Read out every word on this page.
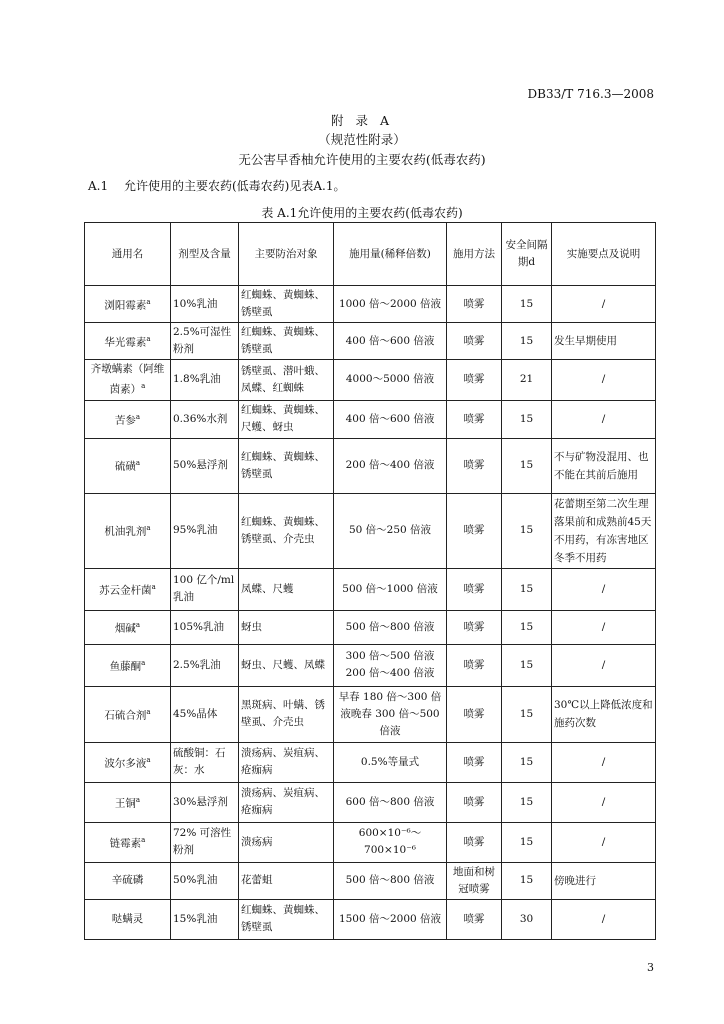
DB33/T 716.3—2008
附 录 A
（规范性附录）
无公害早香柚允许使用的主要农药(低毒农药)
A.1 允许使用的主要农药(低毒农药)见表A.1。
表 A.1允许使用的主要农药(低毒农药)
通用名	剂型及含量	主要防治对象	施用量(稀释倍数)	施用方法	安全间隔期d	实施要点及说明
浏阳霉素$^a$	10%乳油	红蜘蛛、黄蜘蛛、锈壁虱	1000 倍～2000 倍液	喷雾	15	/
华光霉素$^a$	2.5%可湿性粉剂	红蜘蛛、黄蜘蛛、锈壁虱	400 倍～600 倍液	喷雾	15	发生早期使用
齐墩螨素（阿维茵素）$^a$	1.8%乳油	锈壁虱、潜叶蛾、凤蝶、红蜘蛛	4000～5000 倍液	喷雾	21	/
苦参$^a$	0.36%水剂	红蜘蛛、黄蜘蛛、尺蠖、蚜虫	400 倍～600 倍液	喷雾	15	/
硫磺$^a$	50%悬浮剂	红蜘蛛、黄蜘蛛、锈壁虱	200 倍～400 倍液	喷雾	15	不与矿物没混用、也不能在其前后施用
机油乳剂$^a$	95%乳油	红蜘蛛、黄蜘蛛、锈壁虱、介壳虫	50 倍～250 倍液	喷雾	15	花蕾期至第二次生理落果前和成熟前45天不用药，有冻害地区冬季不用药
苏云金杆菌$^a$	100 亿个/ml 乳油	凤蝶、尺蠖	500 倍～1000 倍液	喷雾	15	/
烟碱$^a$	105%乳油	蚜虫	500 倍～800 倍液	喷雾	15	/
鱼藤酮$^a$	2.5%乳油	蚜虫、尺蠖、凤蝶	300 倍～500 倍液 200 倍～400 倍液	喷雾	15	/
石硫合剂$^a$	45%晶体	黑斑病、叶螨、锈壁虱、介壳虫	早春 180 倍～300 倍液晚春 300 倍～500 倍液	喷雾	15	30℃以上降低浓度和施药次数
波尔多液$^a$	硫酸铜：石灰：水	溃疡病、炭疽病、疮痂病	0.5%等量式	喷雾	15	/
王铜$^a$	30%悬浮剂	溃疡病、炭疽病、疮痂病	600 倍～800 倍液	喷雾	15	/
链霉素$^a$	72% 可溶性粉剂	溃疡病	600×10⁻⁶～700×10⁻⁶	喷雾	15	/
辛硫磷	50%乳油	花蕾蛆	500 倍～800 倍液	地面和树冠喷雾	15	傍晚进行
哒螨灵	15%乳油	红蜘蛛、黄蜘蛛、锈壁虱	1500 倍～2000 倍液	喷雾	30	/
3
